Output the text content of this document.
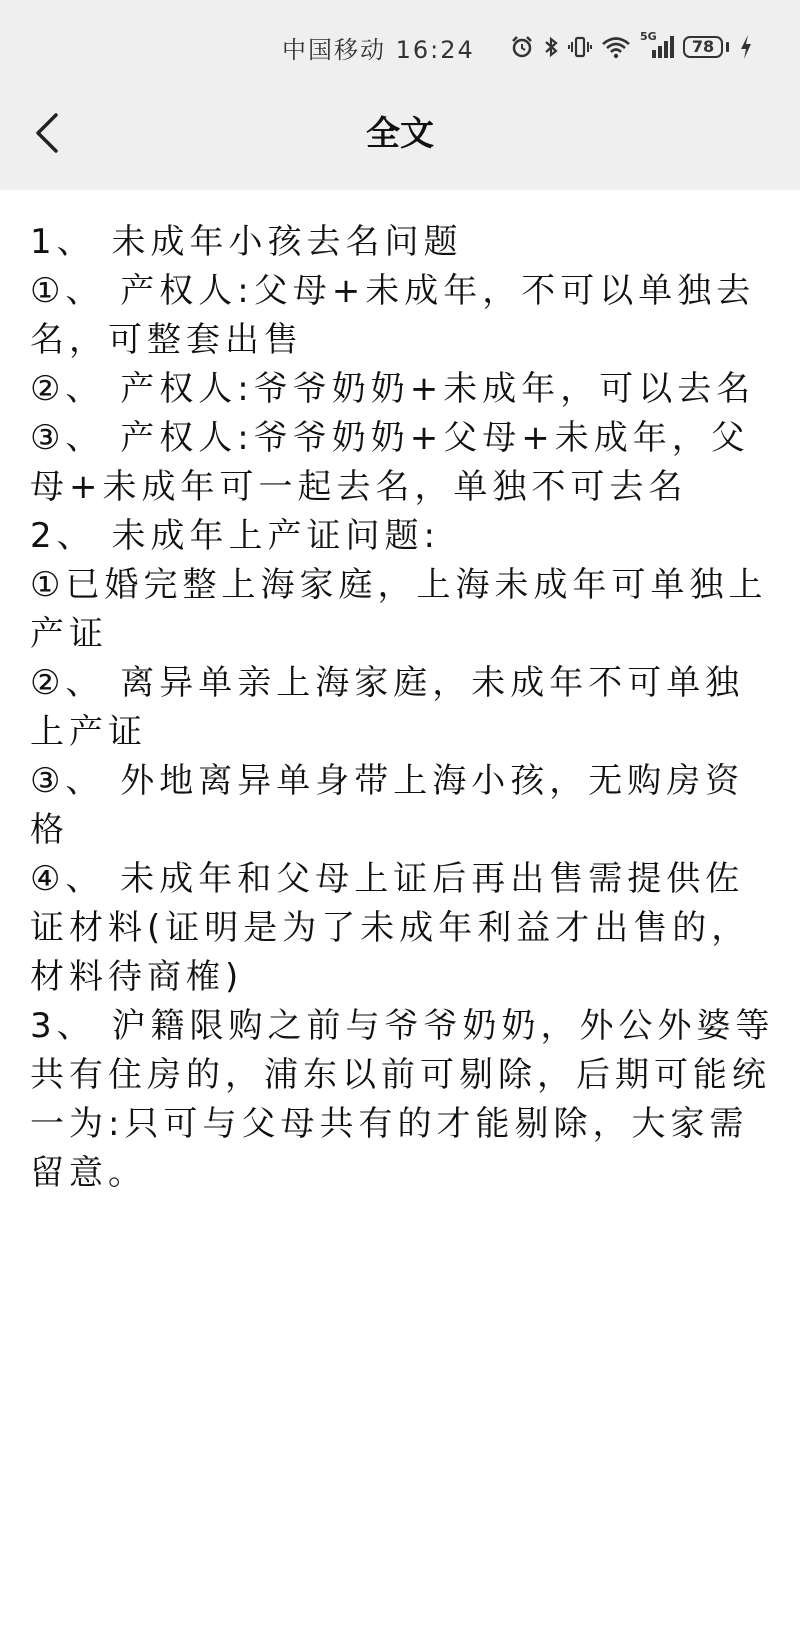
中国移动 16:24	5G
78
全文

1、 未成年小孩去名问题

①、 产权人:父母+未成年，不可以单独去名，可整套出售

②、 产权人:爷爷奶奶+未成年，可以去名

③、 产权人:爷爷奶奶+父母+未成年，父母+未成年可一起去名，单独不可去名

2、 未成年上产证问题:

①已婚完整上海家庭，上海未成年可单独上产证

②、 离异单亲上海家庭，未成年不可单独上产证

③、 外地离异单身带上海小孩，无购房资格

④、 未成年和父母上证后再出售需提供佐证材料(证明是为了未成年利益才出售的，材料待商榷)

3、 沪籍限购之前与爷爷奶奶，外公外婆等共有住房的，浦东以前可剔除，后期可能统一为:只可与父母共有的才能剔除，大家需留意。
